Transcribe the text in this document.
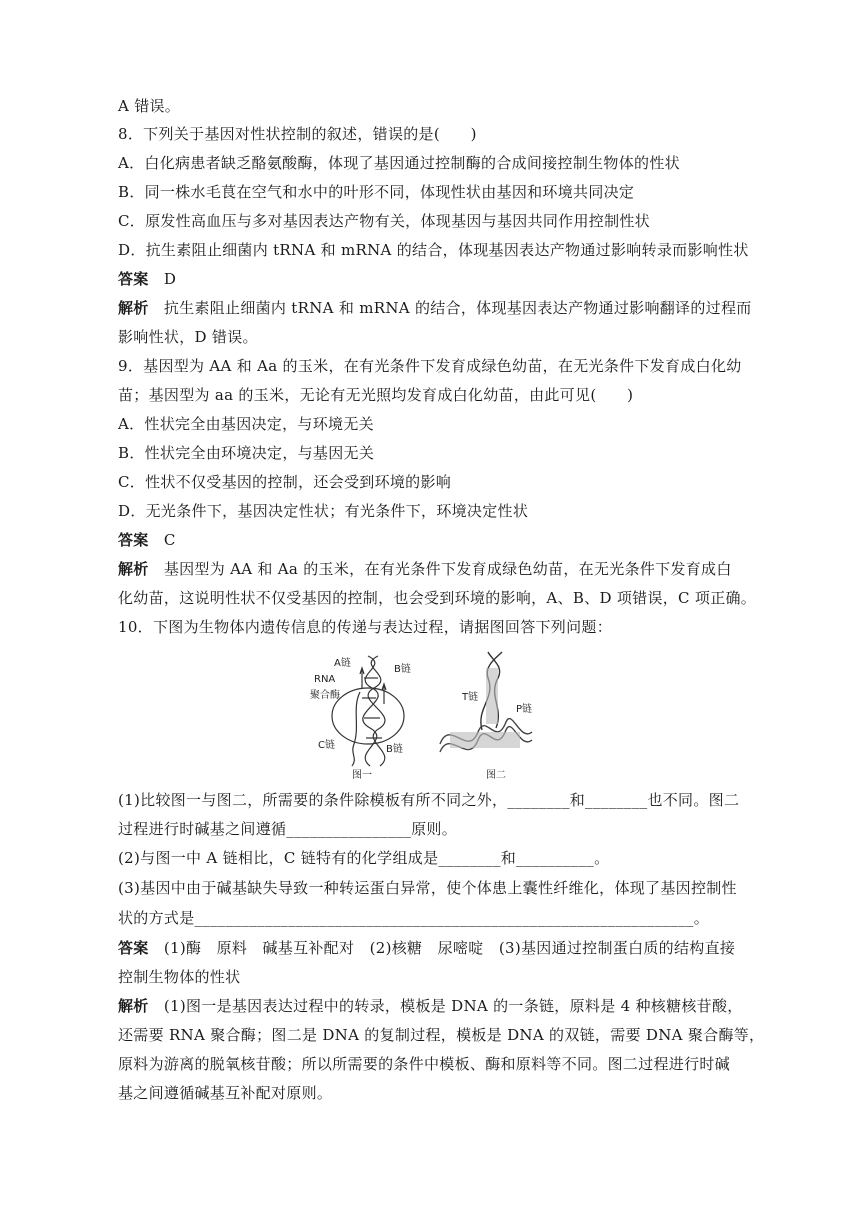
A 错误。
8．下列关于基因对性状控制的叙述，错误的是(　　)
A．白化病患者缺乏酪氨酸酶，体现了基因通过控制酶的合成间接控制生物体的性状
B．同一株水毛茛在空气和水中的叶形不同，体现性状由基因和环境共同决定
C．原发性高血压与多对基因表达产物有关，体现基因与基因共同作用控制性状
D．抗生素阻止细菌内 tRNA 和 mRNA 的结合，体现基因表达产物通过影响转录而影响性状
答案 D
解析 抗生素阻止细菌内 tRNA 和 mRNA 的结合，体现基因表达产物通过影响翻译的过程而
影响性状，D 错误。
9．基因型为 AA 和 Aa 的玉米，在有光条件下发育成绿色幼苗，在无光条件下发育成白化幼
苗；基因型为 aa 的玉米，无论有无光照均发育成白化幼苗，由此可见(　　)
A．性状完全由基因决定，与环境无关
B．性状完全由环境决定，与基因无关
C．性状不仅受基因的控制，还会受到环境的影响
D．无光条件下，基因决定性状；有光条件下，环境决定性状
答案 C
解析 基因型为 AA 和 Aa 的玉米，在有光条件下发育成绿色幼苗，在无光条件下发育成白
化幼苗，这说明性状不仅受基因的控制，也会受到环境的影响，A、B、D 项错误，C 项正确。
10．下图为生物体内遗传信息的传递与表达过程，请据图回答下列问题：
A链
B链
RNA
聚合酶
C链	B链
T链
P链
图一	图二
(1)比较图一与图二，所需要的条件除模板有所不同之外，________和________也不同。图二
过程进行时碱基之间遵循________________原则。
(2)与图一中 A 链相比，C 链特有的化学组成是________和__________。
(3)基因中由于碱基缺失导致一种转运蛋白异常，使个体患上囊性纤维化，体现了基因控制性
状的方式是________________________________________________________________。
答案 (1)酶　原料　碱基互补配对　(2)核糖　尿嘧啶　(3)基因通过控制蛋白质的结构直接
控制生物体的性状
解析 (1)图一是基因表达过程中的转录，模板是 DNA 的一条链，原料是 4 种核糖核苷酸，
还需要 RNA 聚合酶；图二是 DNA 的复制过程，模板是 DNA 的双链，需要 DNA 聚合酶等，
原料为游离的脱氧核苷酸；所以所需要的条件中模板、酶和原料等不同。图二过程进行时碱
基之间遵循碱基互补配对原则。
